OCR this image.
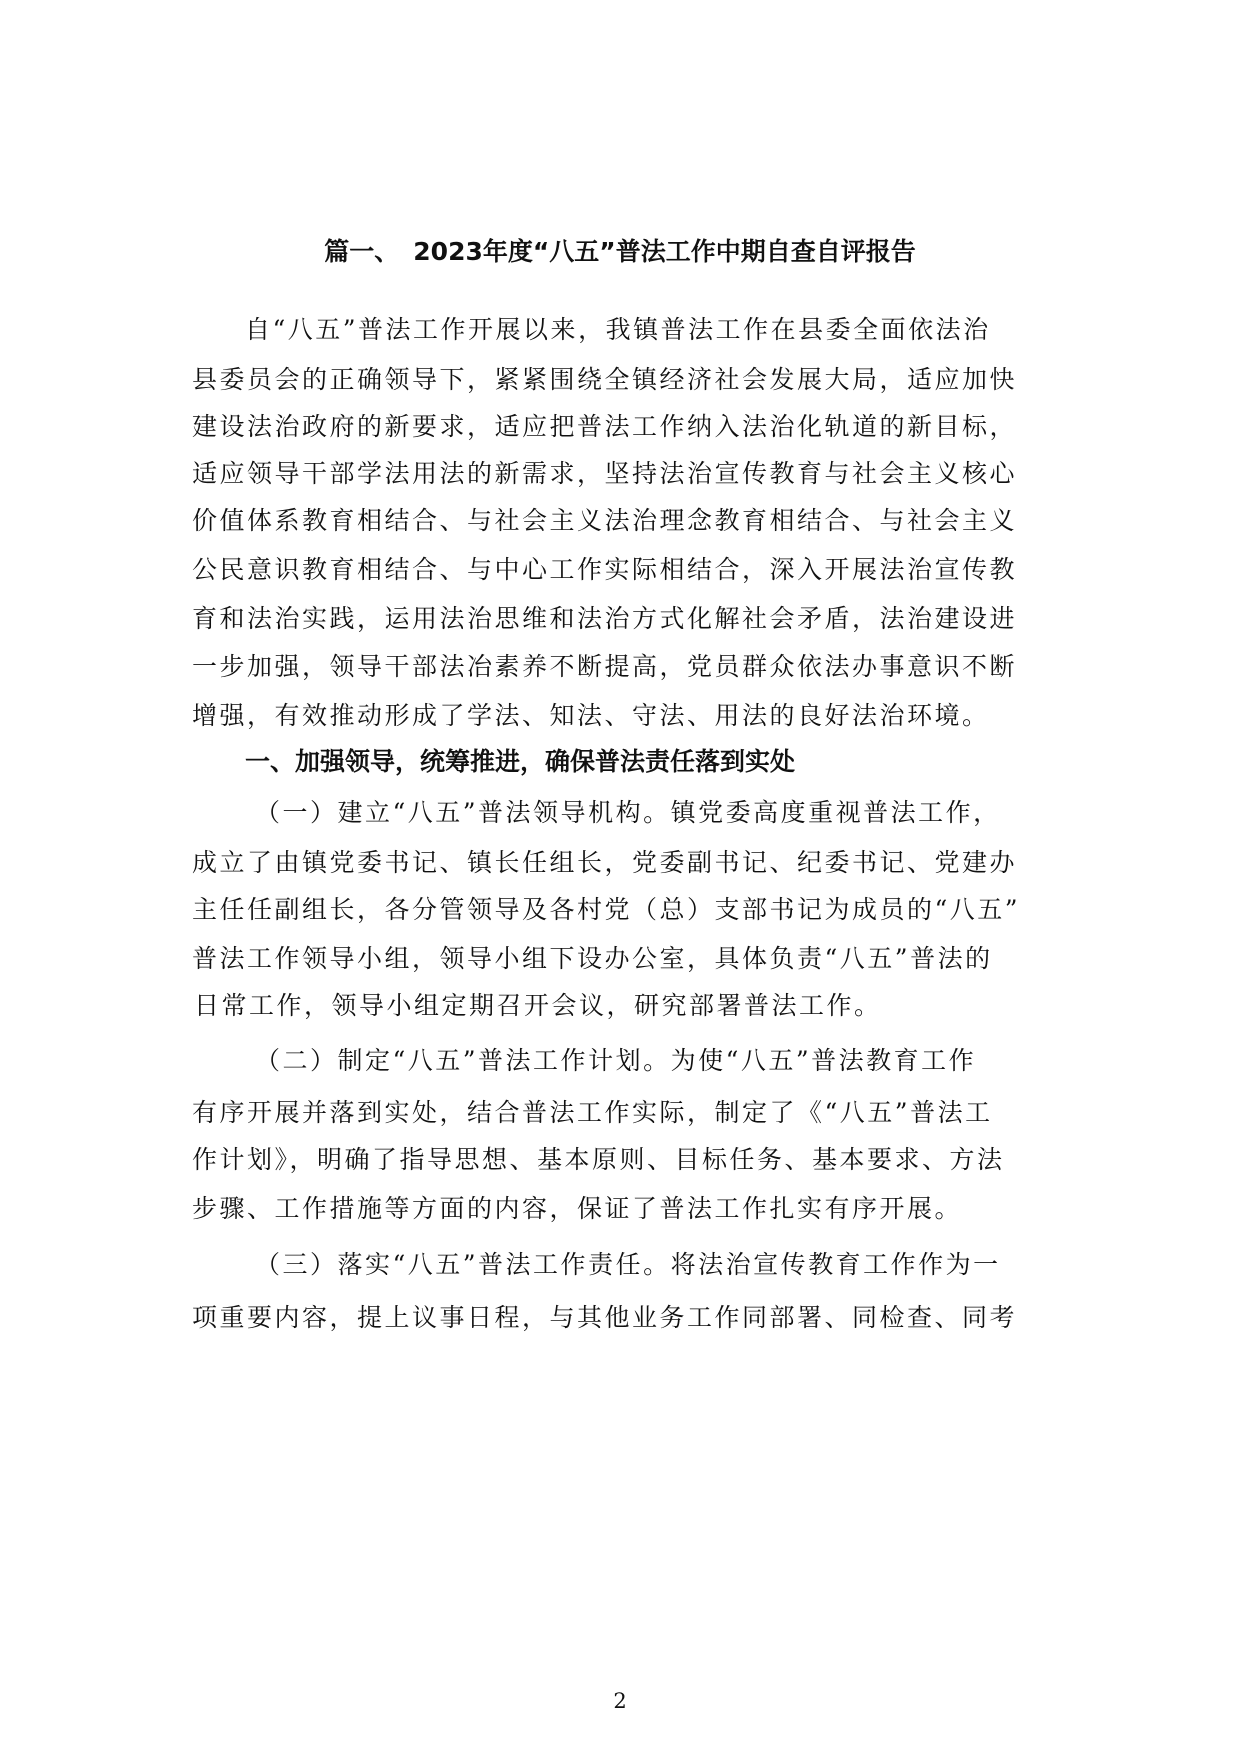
篇一、 2023年度“八五”普法工作中期自查自评报告
自“八五”普法工作开展以来，我镇普法工作在县委全面依法治
县委员会的正确领导下，紧紧围绕全镇经济社会发展大局，适应加快
建设法治政府的新要求，适应把普法工作纳入法治化轨道的新目标，
适应领导干部学法用法的新需求，坚持法治宣传教育与社会主义核心
价值体系教育相结合、与社会主义法治理念教育相结合、与社会主义
公民意识教育相结合、与中心工作实际相结合，深入开展法治宣传教
育和法治实践，运用法治思维和法治方式化解社会矛盾，法治建设进
一步加强，领导干部法冶素养不断提高，党员群众依法办事意识不断
增强，有效推动形成了学法、知法、守法、用法的良好法治环境。
一、加强领导，统筹推进，确保普法责任落到实处
（一）建立“八五”普法领导机构。镇党委高度重视普法工作，
成立了由镇党委书记、镇长任组长，党委副书记、纪委书记、党建办
主任任副组长，各分管领导及各村党（总）支部书记为成员的“八五”
普法工作领导小组，领导小组下设办公室，具体负责“八五”普法的
日常工作，领导小组定期召开会议，研究部署普法工作。
（二）制定“八五”普法工作计划。为使“八五”普法教育工作
有序开展并落到实处，结合普法工作实际，制定了《“八五”普法工
作计划》，明确了指导思想、基本原则、目标任务、基本要求、方法
步骤、工作措施等方面的内容，保证了普法工作扎实有序开展。
（三）落实“八五”普法工作责任。将法治宣传教育工作作为一
项重要内容，提上议事日程，与其他业务工作同部署、同检查、同考
2
